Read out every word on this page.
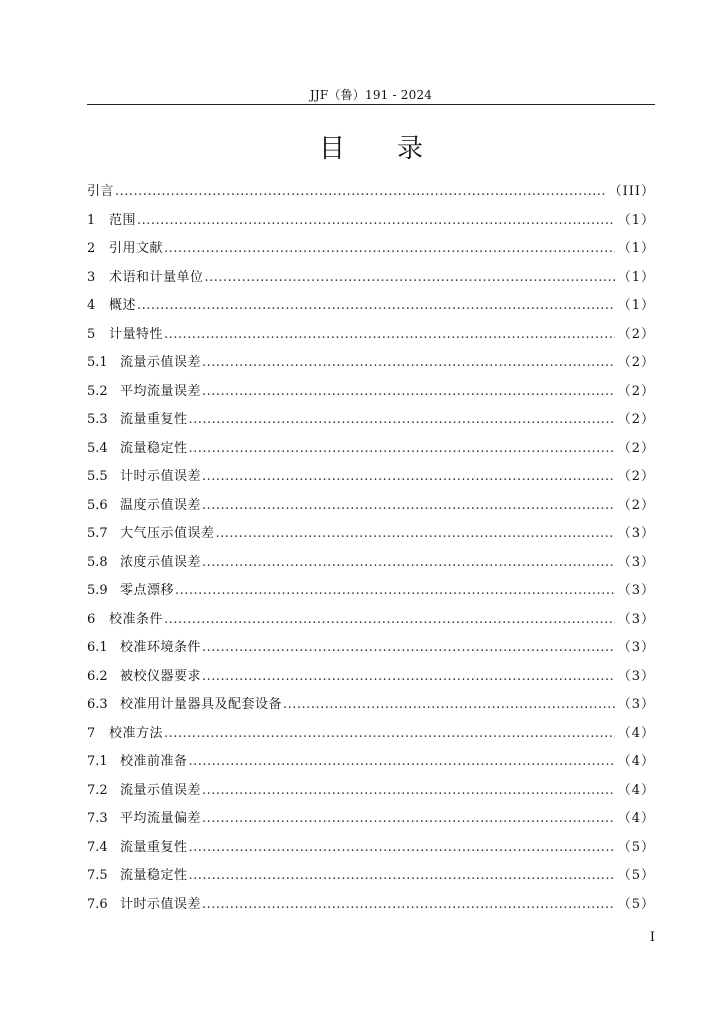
JJF（鲁）191 - 2024
目录
引言 .....	（III）
1	范围 .....	（1）
2	引用文献 .....	（1）
3	术语和计量单位 .....	（1）
4	概述 .....	（1）
5	计量特性 .....	（2）
5.1 流量示值误差 .....	（2）
5.2 平均流量误差 .....	（2）
5.3 流量重复性 .....	（2）
5.4 流量稳定性 .....	（2）
5.5 计时示值误差 .....	（2）
5.6 温度示值误差 .....	（2）
5.7 大气压示值误差 .....	（3）
5.8 浓度示值误差 .....	（3）
5.9 零点漂移 .....	（3）
6	校准条件 .....	（3）
6.1 校准环境条件 .....	（3）
6.2 被校仪器要求 .....	（3）
6.3 校准用计量器具及配套设备 .....	（3）
7	校准方法 .....	（4）
7.1 校准前准备 .....	（4）
7.2 流量示值误差 .....	（4）
7.3 平均流量偏差 .....	（4）
7.4 流量重复性 .....	（5）
7.5 流量稳定性 .....	（5）
7.6 计时示值误差 .....	（5）
I
